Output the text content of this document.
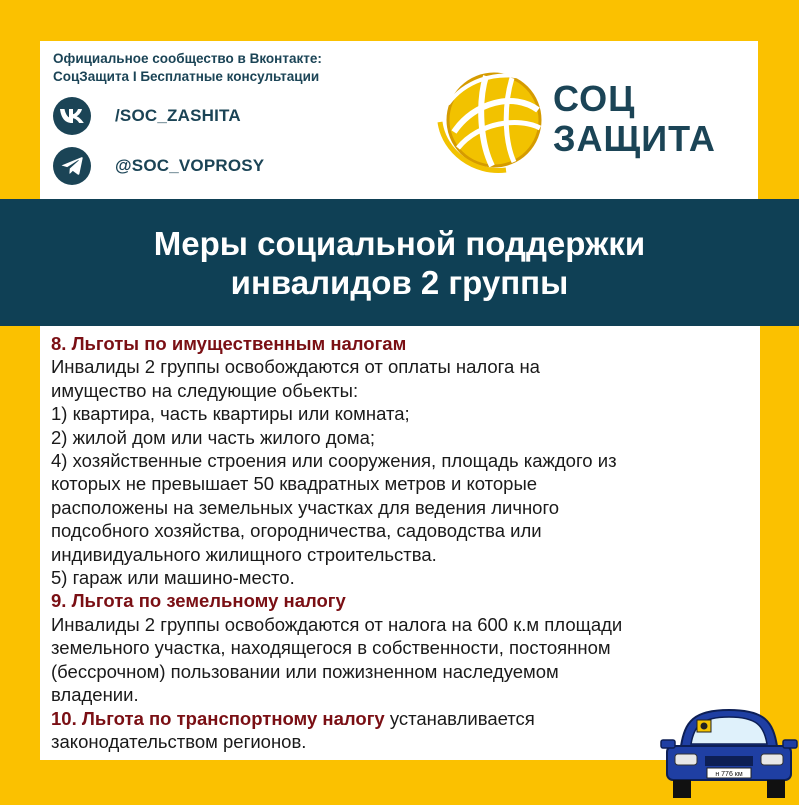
Официальное сообщество в Вконтакте:
СоцЗащита I Бесплатные консультации
/SOC_ZASHITA
@SOC_VOPROSY
СОЦ
ЗАЩИТА
Меры социальной поддержки
инвалидов 2 группы

8. Льготы по имущественным налогам

Инвалиды 2 группы освобождаются от оплаты налога на

имущество на следующие обьекты:

1) квартира, часть квартиры или комната;

2) жилой дом или часть жилого дома;

4) хозяйственные строения или сооружения, площадь каждого из

которых не превышает 50 квадратных метров и которые

расположены на земельных участках для ведения личного

подсобного хозяйства, огородничества, садоводства или

индивидуального жилищного строительства.

5) гараж или машино-место.

9. Льгота по земельному налогу

Инвалиды 2 группы освобождаются от налога на 600 к.м площади

земельного участка, находящегося в собственности, постоянном

(бессрочном) пользовании или пожизненном наследуемом

владении.

10. Льгота по транспортному налогу устанавливается

законодательством регионов.

н 776 км
